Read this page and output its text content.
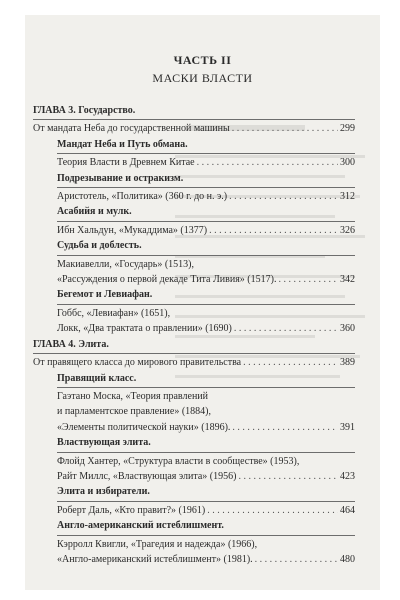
ЧАСТЬ II
МАСКИ ВЛАСТИ
ГЛАВА 3. Государство.
От мандата Неба до государственной машины . . .	299
Мандат Неба и Путь обмана.
Теория Власти в Древнем Китае . . .	300
Подрезывание и остракизм.
Аристотель, «Политика» (360 г. до н. э.) . . .	312
Асабийя и мулк.
Ибн Хальдун, «Мукаддима» (1377) . . .	326
Судьба и доблесть.
Макиавелли, «Государь» (1513),
«Рассуждения о первой декаде Тита Ливия» (1517). . . .	342
Бегемот и Левиафан.
Гоббс, «Левиафан» (1651),
Локк, «Два трактата о правлении» (1690) . . .	360
ГЛАВА 4. Элита.
От правящего класса до мирового правительства . . .	389
Правящий класс.
Гаэтано Моска, «Теория правлений
и парламентское правление» (1884),
«Элементы политической науки» (1896). . . .	391
Властвующая элита.
Флойд Хантер, «Структура власти в сообществе» (1953),
Райт Миллс, «Властвующая элита» (1956) . . .	423
Элита и избиратели.
Роберт Даль, «Кто правит?» (1961) . . .	464
Англо-американский истеблишмент.
Кэрролл Квигли, «Трагедия и надежда» (1966),
«Англо-американский истеблишмент» (1981). . . .	480
